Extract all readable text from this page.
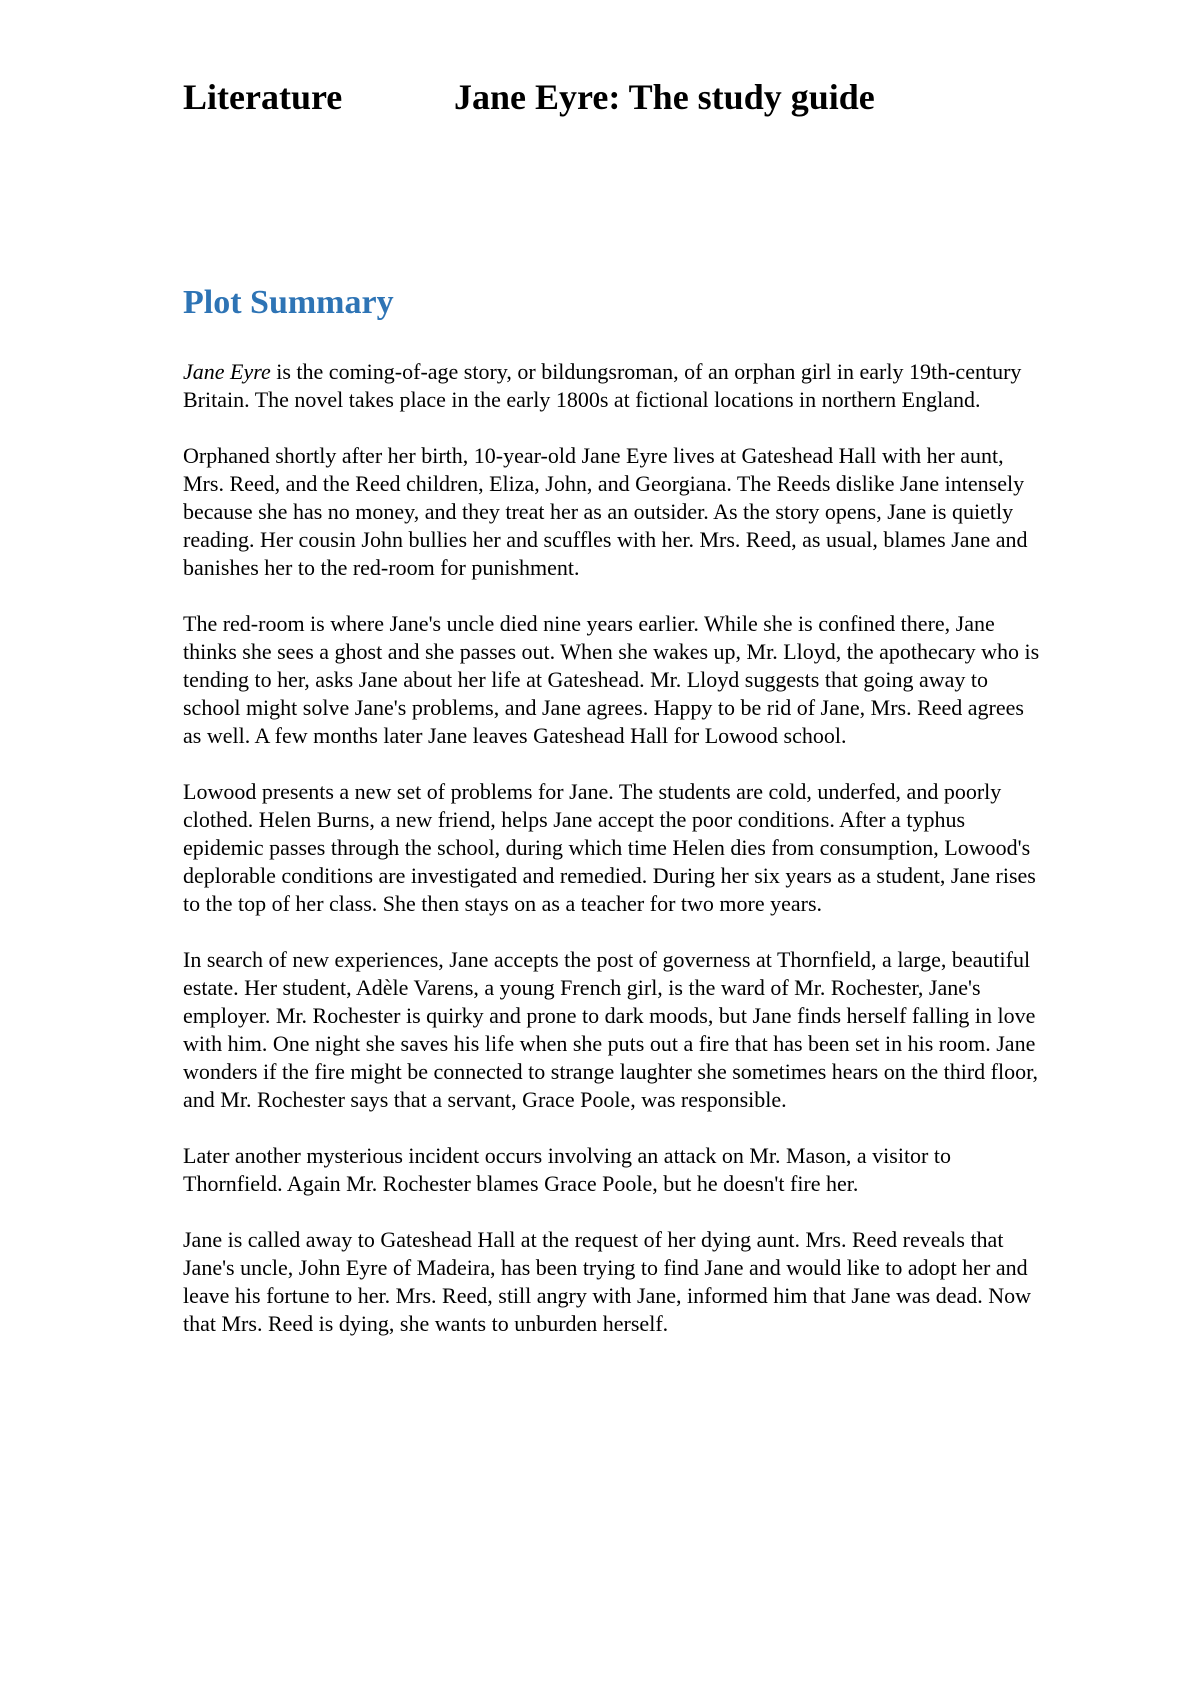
Literature	Jane Eyre: The study guide
Plot Summary

Jane Eyre is the coming-of-age story, or bildungsroman, of an orphan girl in early 19th-century Britain. The novel takes place in the early 1800s at fictional locations in northern England.

Orphaned shortly after her birth, 10-year-old Jane Eyre lives at Gateshead Hall with her aunt, Mrs. Reed, and the Reed children, Eliza, John, and Georgiana. The Reeds dislike Jane intensely because she has no money, and they treat her as an outsider. As the story opens, Jane is quietly reading. Her cousin John bullies her and scuffles with her. Mrs. Reed, as usual, blames Jane and banishes her to the red-room for punishment.

The red-room is where Jane's uncle died nine years earlier. While she is confined there, Jane thinks she sees a ghost and she passes out. When she wakes up, Mr. Lloyd, the apothecary who is tending to her, asks Jane about her life at Gateshead. Mr. Lloyd suggests that going away to school might solve Jane's problems, and Jane agrees. Happy to be rid of Jane, Mrs. Reed agrees as well. A few months later Jane leaves Gateshead Hall for Lowood school.

Lowood presents a new set of problems for Jane. The students are cold, underfed, and poorly clothed. Helen Burns, a new friend, helps Jane accept the poor conditions. After a typhus epidemic passes through the school, during which time Helen dies from consumption, Lowood's deplorable conditions are investigated and remedied. During her six years as a student, Jane rises to the top of her class. She then stays on as a teacher for two more years.

In search of new experiences, Jane accepts the post of governess at Thornfield, a large, beautiful estate. Her student, Adèle Varens, a young French girl, is the ward of Mr. Rochester, Jane's employer. Mr. Rochester is quirky and prone to dark moods, but Jane finds herself falling in love with him. One night she saves his life when she puts out a fire that has been set in his room. Jane wonders if the fire might be connected to strange laughter she sometimes hears on the third floor, and Mr. Rochester says that a servant, Grace Poole, was responsible.

Later another mysterious incident occurs involving an attack on Mr. Mason, a visitor to Thornfield. Again Mr. Rochester blames Grace Poole, but he doesn't fire her.

Jane is called away to Gateshead Hall at the request of her dying aunt. Mrs. Reed reveals that Jane's uncle, John Eyre of Madeira, has been trying to find Jane and would like to adopt her and leave his fortune to her. Mrs. Reed, still angry with Jane, informed him that Jane was dead. Now that Mrs. Reed is dying, she wants to unburden herself.
